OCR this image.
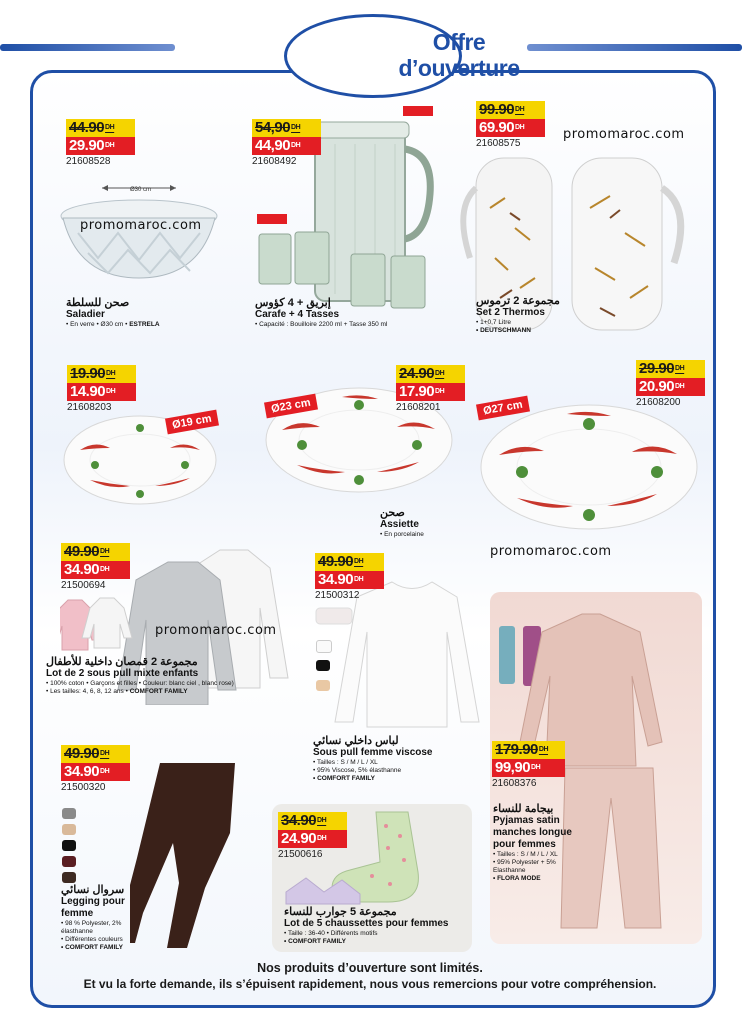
Offre
d’ouverture
$44.90^{DH}$
$29.90^{DH}$
21608528
Ø30 cm
صحن للسلطة
Saladier
• En verre • Ø30 cm • ESTRELA
$54,90^{DH}$
$44,90^{DH}$
21608492
إبريق + 4 كؤوس
Carafe + 4 Tasses
• Capacité : Bouilloire 2200 ml + Tasse 350 ml
$99.90^{DH}$
$69.90^{DH}$
21608575
مجموعة 2 ترموس
Set 2 Thermos
• 1+0,7 Litre
• DEUTSCHMANN
$19.90^{DH}$
$14.90^{DH}$
21608203
Ø19 cm
$24.90^{DH}$
$17.90^{DH}$
21608201
Ø23 cm
$29.90^{DH}$
$20.90^{DH}$
21608200
Ø27 cm
صحن
Assiette
• En porcelaine
$49.90^{DH}$
$34.90^{DH}$
21500694
مجموعة 2 قمصان داخلية للأطفال
Lot de 2 sous pull mixte enfants
• 100% coton • Garçons et filles • Couleur: blanc ciel , blanc rose)
• Les tailles: 4, 6, 8, 12 ans • COMFORT FAMILY
$49.90^{DH}$
$34.90^{DH}$
21500312
لباس داخلي نسائي
Sous pull femme viscose
• Tailles : S / M / L / XL
• 95% Viscose, 5% élasthanne
• COMFORT FAMILY
$179.90^{DH}$
$99,90^{DH}$
21608376
بيجامة للنساء
Pyjamas satin manches longue pour femmes
• Tailles : S / M / L / XL
• 95% Polyester + 5% Elasthanne
• FLORA MODE
$49.90^{DH}$
$34.90^{DH}$
21500320
سروال نسائي
Legging pour femme
• 98 % Polyester, 2% élasthanne
• Différentes couleurs
• COMFORT FAMILY
$34.90^{DH}$
$24.90^{DH}$
21500616
مجموعة 5 جوارب للنساء
Lot de 5 chaussettes pour femmes
• Taille : 36-40 • Différents motifs
• COMFORT FAMILY
promomaroc.com
promomaroc.com
promomaroc.com
promomaroc.com
Nos produits d’ouverture sont limités.
Et vu la forte demande, ils s’épuisent rapidement, nous vous remercions pour votre compréhension.
